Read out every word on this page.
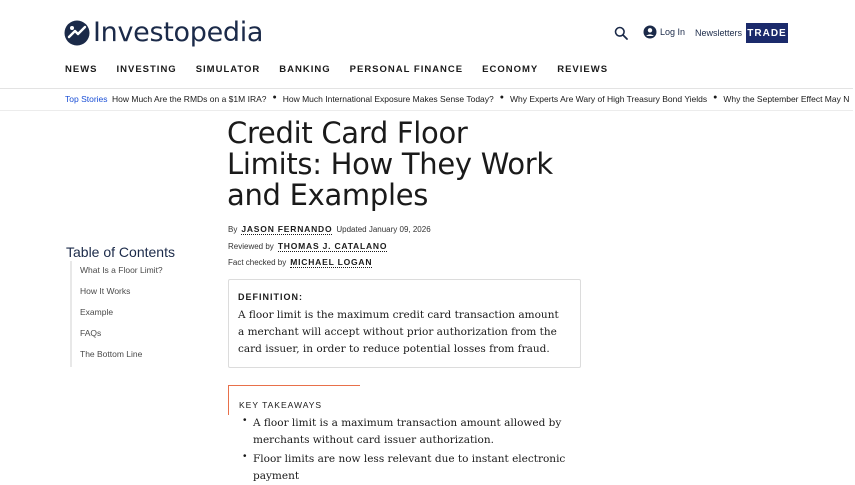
Investopedia	Log In Newsletters TRADE
NEWS INVESTING SIMULATOR BANKING PERSONAL FINANCE ECONOMY REVIEWS
Top Stories How Much Are the RMDs on a $1M IRA? ● How Much International Exposure Makes Sense Today? ● Why Experts Are Wary of High Treasury Bond Yields ● Why the September Effect May N
Credit Card Floor Limits: How They Work and Examples
By JASON FERNANDO Updated January 09, 2026
Reviewed by THOMAS J. CATALANO
Fact checked by MICHAEL LOGAN
Table of Contents
What Is a Floor Limit?
How It Works
Example
FAQs
The Bottom Line
DEFINITION:

A floor limit is the maximum credit card transaction amount a merchant will accept without prior authorization from the card issuer, in order to reduce potential losses from fraud.

KEY TAKEAWAYS
• A floor limit is a maximum transaction amount allowed by merchants without card issuer authorization.

• Floor limits are now less relevant due to instant electronic payment
